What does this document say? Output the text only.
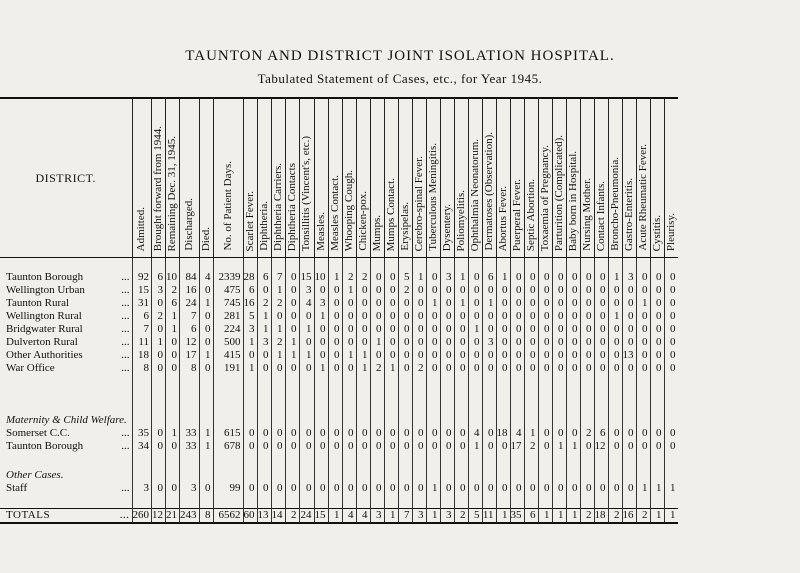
TAUNTON AND DISTRICT JOINT ISOLATION HOSPITAL.
Tabulated Statement of Cases, etc., for Year 1945.
DISTRICT.	Admitted.	Brought forward from 1944.	Remaining Dec. 31, 1945.	Discharged.	Died.	No. of Patient Days.	Scarlet Fever.	Diphtheria.	Diphtheria Carriers.	Diphtheria Contacts	Tonsillitis (Vincent's, etc.)	Measles.	Measles Contact.	Whooping Cough.	Chicken-pox.	Mumps.	Mumps Contact.	Erysipelas.	Cerebro-spinal Fever.	Tuberculous Meningitis.	Dysentery.	Poliomyelitis.	Ophthalmia Neonatorum.	Dermatoses (Observation).	Abortus Fever.	Puerperal Fever.	Septic Abortion.	Toxaemia of Pregnancy.	Parturition (Complicated).	Baby born in Hospital.	Nursing Mother.	Contact Infants.	Broncho-Pneumonia.	Gastro-Enteritis.	Acute Rheumatic Fever.	Cystitis.	Pleurisy.

Taunton Borough ...	92	6	10	84	4	2339	28	6	7	0	15	10	1	2	2	0	0	5	1	0	3	1	0	6	1	0	0	0	0	0	0	0	1	3	0	0	0
Wellington Urban ...	15	3	2	16	0	475	6	0	1	0	3	0	0	1	0	0	0	2	0	0	0	0	0	0	0	0	0	0	0	0	0	0	0	0	0	0	0
Taunton Rural ...	31	0	6	24	1	745	16	2	2	0	4	3	0	0	0	0	0	0	0	1	0	1	0	1	0	0	0	0	0	0	0	0	0	0	1	0	0
Wellington Rural ...	6	2	1	7	0	281	5	1	0	0	0	1	0	0	0	0	0	0	0	0	0	0	0	0	0	0	0	0	0	0	0	0	1	0	0	0	0
Bridgwater Rural ...	7	0	1	6	0	224	3	1	1	0	1	0	0	0	0	0	0	0	0	0	0	0	1	0	0	0	0	0	0	0	0	0	0	0	0	0	0
Dulverton Rural ...	11	1	0	12	0	500	1	3	2	1	0	0	0	0	0	1	0	0	0	0	0	0	0	3	0	0	0	0	0	0	0	0	0	0	0	0	0
Other Authorities ...	18	0	0	17	1	415	0	0	1	1	1	0	0	1	1	0	0	0	0	0	0	0	0	0	0	0	0	0	0	0	0	0	0	13	0	0	0
War Office ...	8	0	0	8	0	191	1	0	0	0	0	1	0	0	1	2	1	0	2	0	0	0	0	0	0	0	0	0	0	0	0	0	0	0	0	0	0

Maternity & Child Welfare.																																					
Somerset C.C. ...	35	0	1	33	1	615	0	0	0	0	0	0	0	0	0	0	0	0	0	0	0	0	4	0	18	4	1	0	0	0	2	6	0	0	0	0	0
Taunton Borough ...	34	0	0	33	1	678	0	0	0	0	0	0	0	0	0	0	0	0	0	0	0	0	1	0	0	17	2	0	1	1	0	12	0	0	0	0	0

Other Cases.																																					
Staff ...	3	0	0	3	0	99	0	0	0	0	0	0	0	0	0	0	0	0	0	1	0	0	0	0	0	0	0	0	0	0	0	0	0	0	1	1	1

TOTALS ...	260	12	21	243	8	6562	60	13	14	2	24	15	1	4	4	3	1	7	3	1	3	2	5	11	1	35	6	1	1	1	2	18	2	16	2	1	1
